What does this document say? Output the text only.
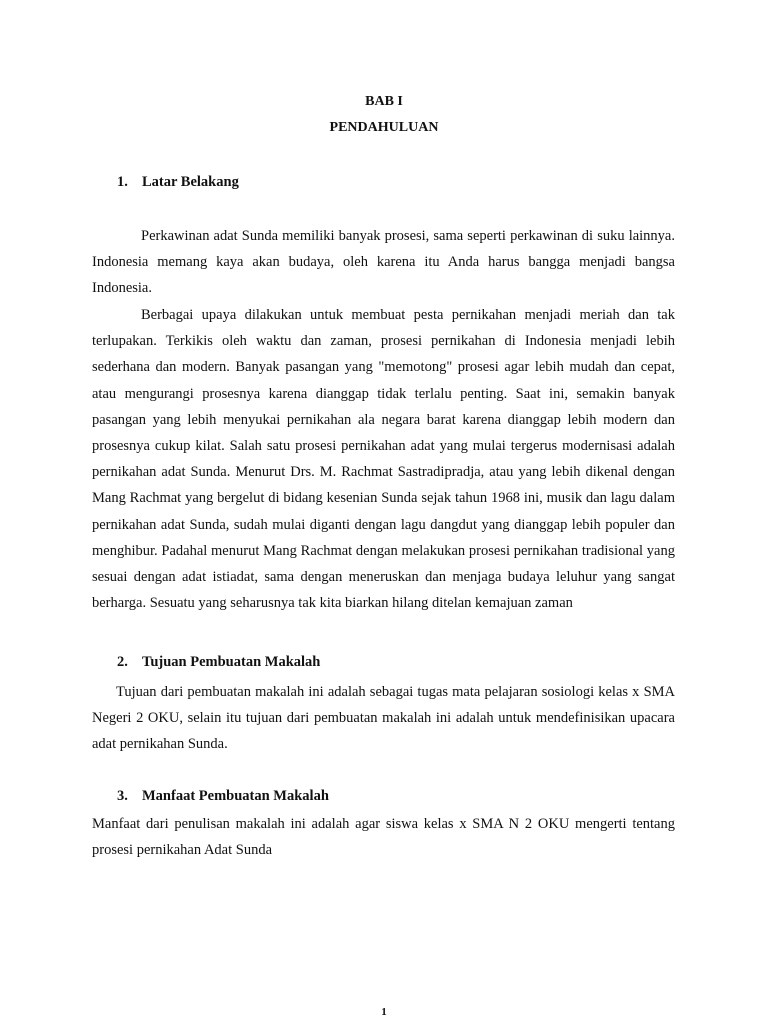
BAB I
PENDAHULUAN
1. Latar Belakang

Perkawinan adat Sunda memiliki banyak prosesi, sama seperti perkawinan di suku lainnya. Indonesia memang kaya akan budaya, oleh karena itu Anda harus bangga menjadi bangsa Indonesia.

Berbagai upaya dilakukan untuk membuat pesta pernikahan menjadi meriah dan tak terlupakan. Terkikis oleh waktu dan zaman, prosesi pernikahan di Indonesia menjadi lebih sederhana dan modern. Banyak pasangan yang "memotong" prosesi agar lebih mudah dan cepat, atau mengurangi prosesnya karena dianggap tidak terlalu penting. Saat ini, semakin banyak pasangan yang lebih menyukai pernikahan ala negara barat karena dianggap lebih modern dan prosesnya cukup kilat. Salah satu prosesi pernikahan adat yang mulai tergerus modernisasi adalah pernikahan adat Sunda. Menurut Drs. M. Rachmat Sastradipradja, atau yang lebih dikenal dengan Mang Rachmat yang bergelut di bidang kesenian Sunda sejak tahun 1968 ini, musik dan lagu dalam pernikahan adat Sunda, sudah mulai diganti dengan lagu dangdut yang dianggap lebih populer dan menghibur. Padahal menurut Mang Rachmat dengan melakukan prosesi pernikahan tradisional yang sesuai dengan adat istiadat, sama dengan meneruskan dan menjaga budaya leluhur yang sangat berharga. Sesuatu yang seharusnya tak kita biarkan hilang ditelan kemajuan zaman

2. Tujuan Pembuatan Makalah

Tujuan dari pembuatan makalah ini adalah sebagai tugas mata pelajaran sosiologi kelas x SMA Negeri 2 OKU, selain itu tujuan dari pembuatan makalah ini adalah untuk mendefinisikan upacara adat pernikahan Sunda.

3. Manfaat Pembuatan Makalah

Manfaat dari penulisan makalah ini adalah agar siswa kelas x SMA N 2 OKU mengerti tentang prosesi pernikahan Adat Sunda

1
